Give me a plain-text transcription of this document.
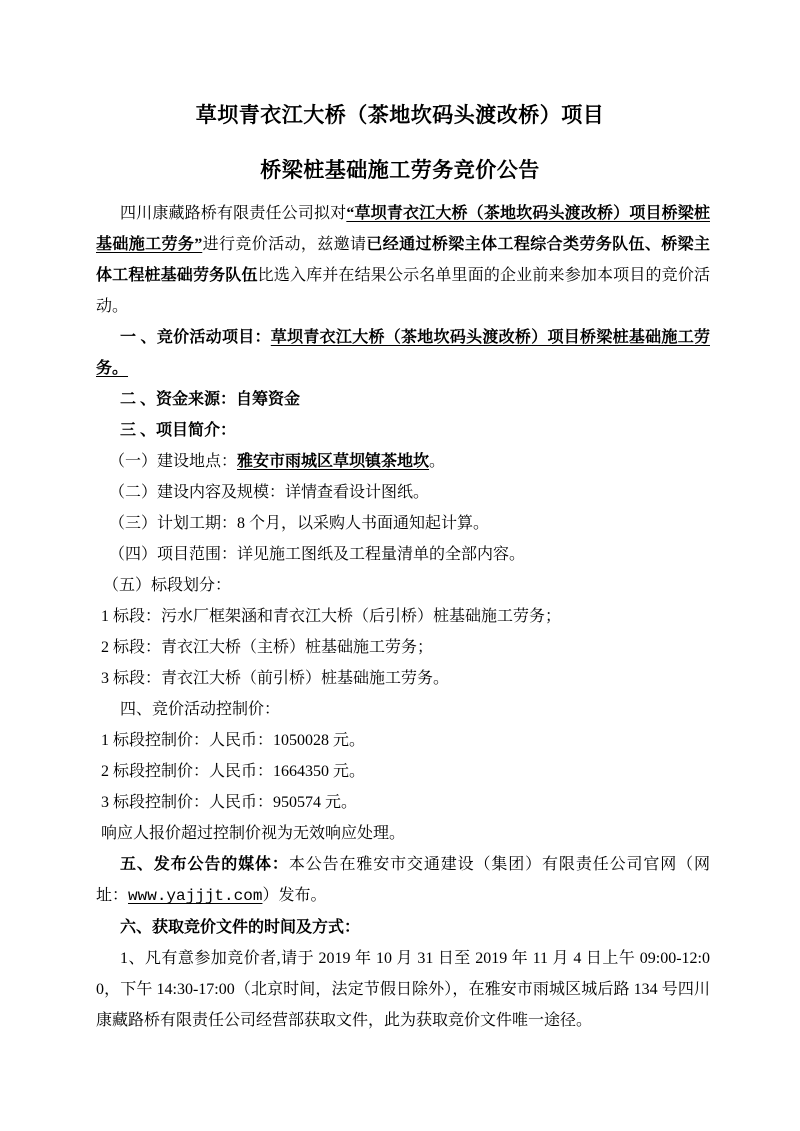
草坝青衣江大桥（茶地坎码头渡改桥）项目
桥梁桩基础施工劳务竞价公告

四川康藏路桥有限责任公司拟对“草坝青衣江大桥（茶地坎码头渡改桥）项目桥梁桩基础施工劳务”进行竞价活动，兹邀请已经通过桥梁主体工程综合类劳务队伍、桥梁主体工程桩基础劳务队伍比选入库并在结果公示名单里面的企业前来参加本项目的竞价活动。

一 、竞价活动项目：草坝青衣江大桥（茶地坎码头渡改桥）项目桥梁桩基础施工劳务。

二 、资金来源：自筹资金

三 、项目简介：

（一）建设地点：雅安市雨城区草坝镇茶地坎。

（二）建设内容及规模：详情查看设计图纸。

（三）计划工期：8 个月，以采购人书面通知起计算。

（四）项目范围：详见施工图纸及工程量清单的全部内容。

（五）标段划分：

1 标段：污水厂框架涵和青衣江大桥（后引桥）桩基础施工劳务；

2 标段：青衣江大桥（主桥）桩基础施工劳务；

3 标段：青衣江大桥（前引桥）桩基础施工劳务。

四、竞价活动控制价：

1 标段控制价：人民币：1050028 元。

2 标段控制价：人民币：1664350 元。

3 标段控制价：人民币：950574 元。

响应人报价超过控制价视为无效响应处理。

五、发布公告的媒体：本公告在雅安市交通建设（集团）有限责任公司官网（网址：www.yajjjt.com）发布。

六、获取竞价文件的时间及方式：

1、凡有意参加竞价者,请于 2019 年 10 月 31 日至 2019 年 11 月 4 日上午 09:00-12:00，下午 14:30-17:00（北京时间，法定节假日除外），在雅安市雨城区城后路 134 号四川康藏路桥有限责任公司经营部获取文件，此为获取竞价文件唯一途径。
